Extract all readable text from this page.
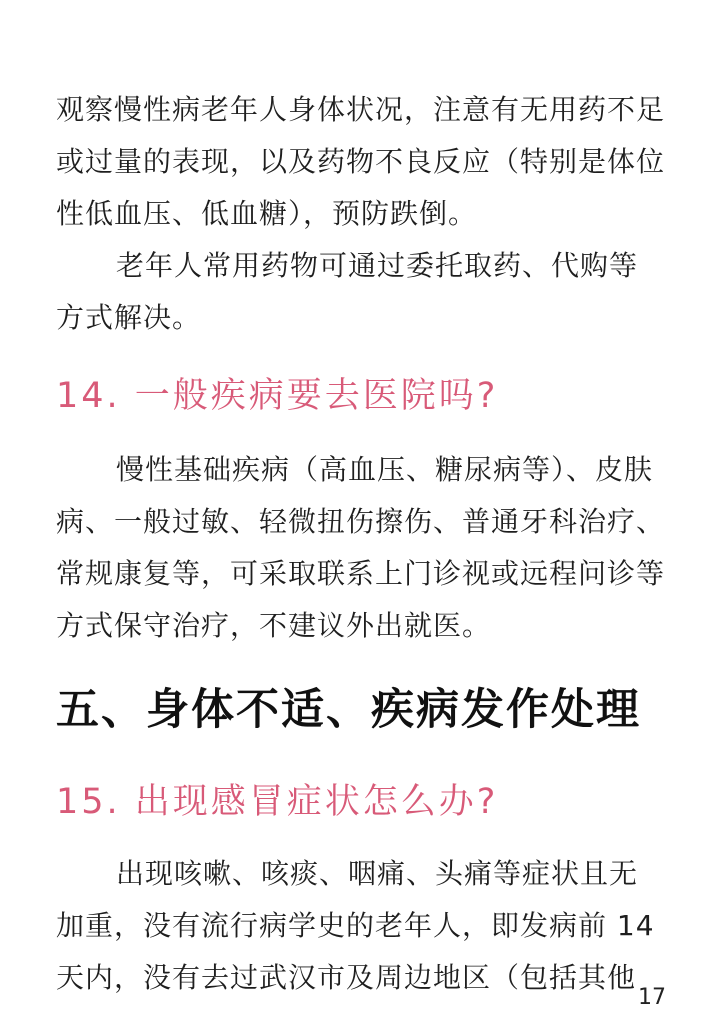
观察慢性病老年人身体状况，注意有无用药不足或过量的表现，以及药物不良反应（特别是体位性低血压、低血糖），预防跌倒。

老年人常用药物可通过委托取药、代购等方式解决。

14. 一般疾病要去医院吗?

慢性基础疾病（高血压、糖尿病等）、皮肤病、一般过敏、轻微扭伤擦伤、普通牙科治疗、常规康复等，可采取联系上门诊视或远程问诊等方式保守治疗，不建议外出就医。

五、身体不适、疾病发作处理
15. 出现感冒症状怎么办?

出现咳嗽、咳痰、咽痛、头痛等症状且无加重，没有流行病学史的老年人，即发病前 14 天内，没有去过武汉市及周边地区（包括其他

17
